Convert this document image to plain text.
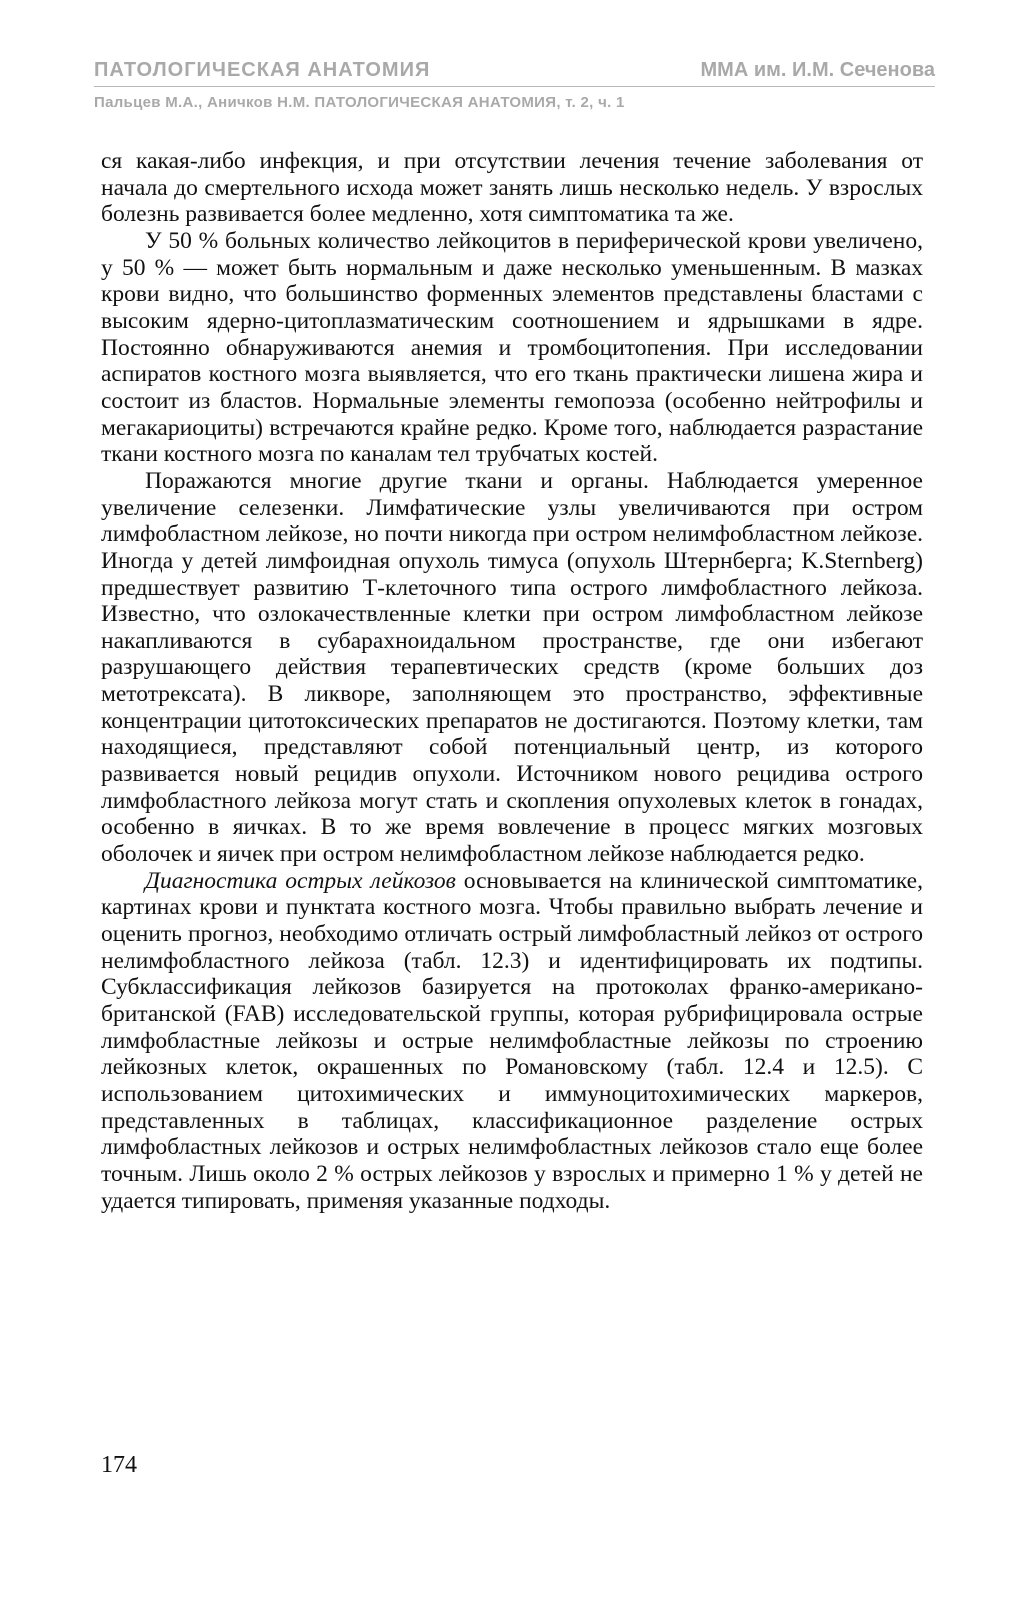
ПАТОЛОГИЧЕСКАЯ АНАТОМИЯ	ММА им. И.М. Сеченова
Пальцев М.А., Аничков Н.М. ПАТОЛОГИЧЕСКАЯ АНАТОМИЯ, т. 2, ч. 1

ся какая-либо инфекция, и при отсутствии лечения течение заболевания от начала до смертельного исхода может занять лишь несколько недель. У взрослых болезнь развивается более медленно, хотя симптоматика та же.

У 50 % больных количество лейкоцитов в периферической крови увеличено, у 50 % — может быть нормальным и даже несколько уменьшенным. В мазках крови видно, что большинство форменных элементов представлены бластами с высоким ядерно-цитоплазматическим соотношением и ядрышками в ядре. Постоянно обнаруживаются анемия и тромбоцитопения. При исследовании аспиратов костного мозга выявляется, что его ткань практически лишена жира и состоит из бластов. Нормальные элементы гемопоэза (особенно нейтрофилы и мегакариоциты) встречаются крайне редко. Кроме того, наблюдается разрастание ткани костного мозга по каналам тел трубчатых костей.

Поражаются многие другие ткани и органы. Наблюдается умеренное увеличение селезенки. Лимфатические узлы увеличиваются при остром лимфобластном лейкозе, но почти никогда при остром нелимфобластном лейкозе. Иногда у детей лимфоидная опухоль тимуса (опухоль Штернберга; K.Sternberg) предшествует развитию Т-клеточного типа острого лимфобластного лейкоза. Известно, что озлокачествленные клетки при остром лимфобластном лейкозе накапливаются в субарахноидальном пространстве, где они избегают разрушающего действия терапевтических средств (кроме больших доз метотрексата). В ликворе, заполняющем это пространство, эффективные концентрации цитотоксических препаратов не достигаются. Поэтому клетки, там находящиеся, представляют собой потенциальный центр, из которого развивается новый рецидив опухоли. Источником нового рецидива острого лимфобластного лейкоза могут стать и скопления опухолевых клеток в гонадах, особенно в яичках. В то же время вовлечение в процесс мягких мозговых оболочек и яичек при остром нелимфобластном лейкозе наблюдается редко.

Диагностика острых лейкозов основывается на клинической симптоматике, картинах крови и пунктата костного мозга. Чтобы правильно выбрать лечение и оценить прогноз, необходимо отличать острый лимфобластный лейкоз от острого нелимфобластного лейкоза (табл. 12.3) и идентифицировать их подтипы. Субклассификация лейкозов базируется на протоколах франко-американо-британской (FAB) исследовательской группы, которая рубрифицировала острые лимфобластные лейкозы и острые нелимфобластные лейкозы по строению лейкозных клеток, окрашенных по Романовскому (табл. 12.4 и 12.5). С использованием цитохимических и иммуноцитохимических маркеров, представленных в таблицах, классификационное разделение острых лимфобластных лейкозов и острых нелимфобластных лейкозов стало еще более точным. Лишь около 2 % острых лейкозов у взрослых и примерно 1 % у детей не удается типировать, применяя указанные подходы.

174
